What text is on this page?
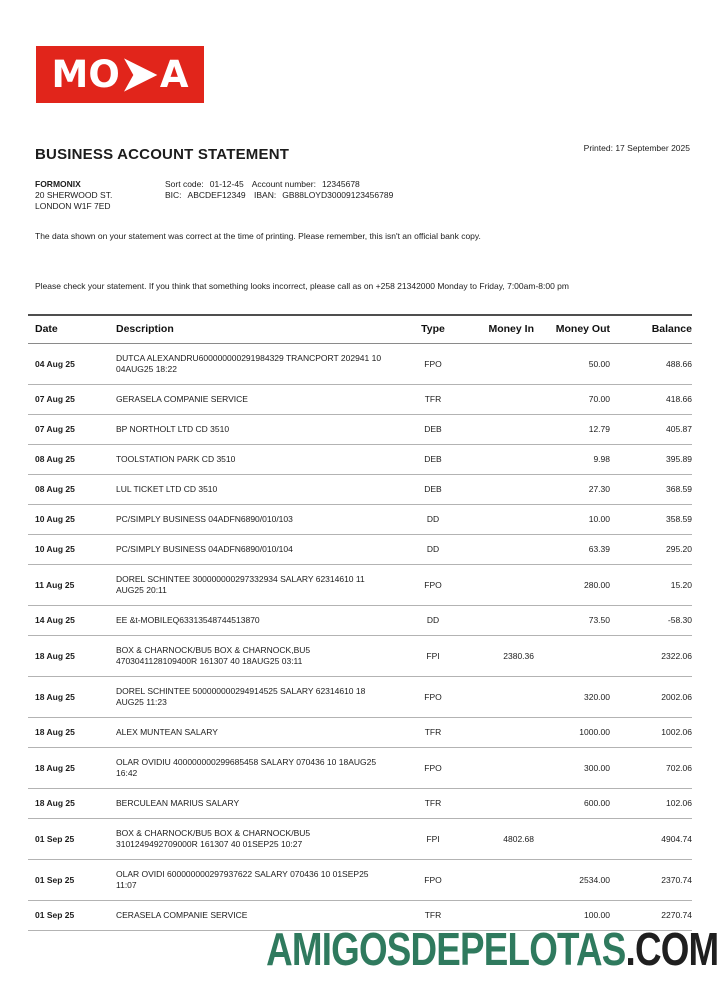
MO A
BUSINESS ACCOUNT STATEMENT	Printed: 17 September 2025
FORMONIX
20 SHERWOOD ST.
LONDON W1F 7ED
Sort code: 01-12-45 Account number: 12345678
BIC: ABCDEF12349 IBAN: GB88LOYD30009123456789
The data shown on your statement was correct at the time of printing. Please remember, this isn't an official bank copy.
Please check your statement. If you think that something looks incorrect, please call as on +258 21342000 Monday to Friday, 7:00am-8:00 pm
Date	Description	Type	Money In	Money Out	Balance
04 Aug 25	DUTCA ALEXANDRU600000000291984329 TRANCPORT 202941 10 04AUG25 18:22	FPO		50.00	488.66
07 Aug 25	GERASELA COMPANIE SERVICE	TFR		70.00	418.66
07 Aug 25	BP NORTHOLT LTD CD 3510	DEB		12.79	405.87
08 Aug 25	TOOLSTATION PARK CD 3510	DEB		9.98	395.89
08 Aug 25	LUL TICKET LTD CD 3510	DEB		27.30	368.59
10 Aug 25	PC/SIMPLY BUSINESS 04ADFN6890/010/103	DD		10.00	358.59
10 Aug 25	PC/SIMPLY BUSINESS 04ADFN6890/010/104	DD		63.39	295.20
11 Aug 25	DOREL SCHINTEE 300000000297332934 SALARY 62314610 11 AUG25 20:11	FPO		280.00	15.20
14 Aug 25	EE &t-MOBILEQ63313548744513870	DD		73.50	-58.30
18 Aug 25	BOX & CHARNOCK/BU5 BOX & CHARNOCK,BU5 4703041128109400R 161307 40 18AUG25 03:11	FPI	2380.36		2322.06
18 Aug 25	DOREL SCHINTEE 500000000294914525 SALARY 62314610 18 AUG25 11:23	FPO		320.00	2002.06
18 Aug 25	ALEX MUNTEAN SALARY	TFR		1000.00	1002.06
18 Aug 25	OLAR OVIDIU 400000000299685458 SALARY 070436 10 18AUG25 16:42	FPO		300.00	702.06
18 Aug 25	BERCULEAN MARIUS SALARY	TFR		600.00	102.06
01 Sep 25	BOX & CHARNOCK/BU5 BOX & CHARNOCK/BU5 3101249492709000R 161307 40 01SEP25 10:27	FPI	4802.68		4904.74
01 Sep 25	OLAR OVIDI 600000000297937622 SALARY 070436 10 01SEP25 11:07	FPO		2534.00	2370.74
01 Sep 25	CERASELA COMPANIE SERVICE	TFR		100.00	2270.74
AMIGOSDEPELOTAS.COM
